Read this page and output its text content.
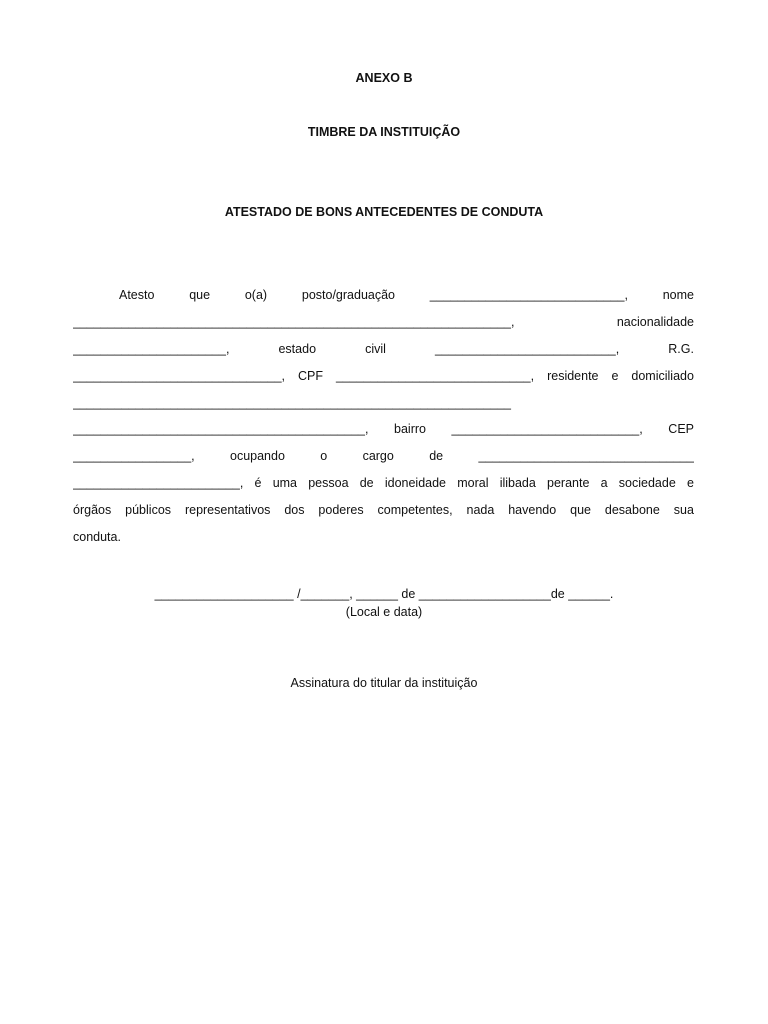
ANEXO B
TIMBRE DA INSTITUIÇÃO
ATESTADO DE BONS ANTECEDENTES DE CONDUTA
Atesto	que	o(a)	posto/graduação	____________________________,	nome
_______________________________________________________________,	nacionalidade
______________________,	estado	civil	__________________________,	R.G.
______________________________, CPF ____________________________, residente e domiciliado
_______________________________________________________________
__________________________________________, bairro ___________________________, CEP
_________________,	ocupando	o	cargo	de	_______________________________
________________________, é uma pessoa de idoneidade moral ilibada perante a sociedade e
órgãos públicos representativos dos poderes competentes, nada havendo que desabone sua
conduta.
____________________ /_______, ______ de ___________________de ______.
(Local e data)
Assinatura do titular da instituição
